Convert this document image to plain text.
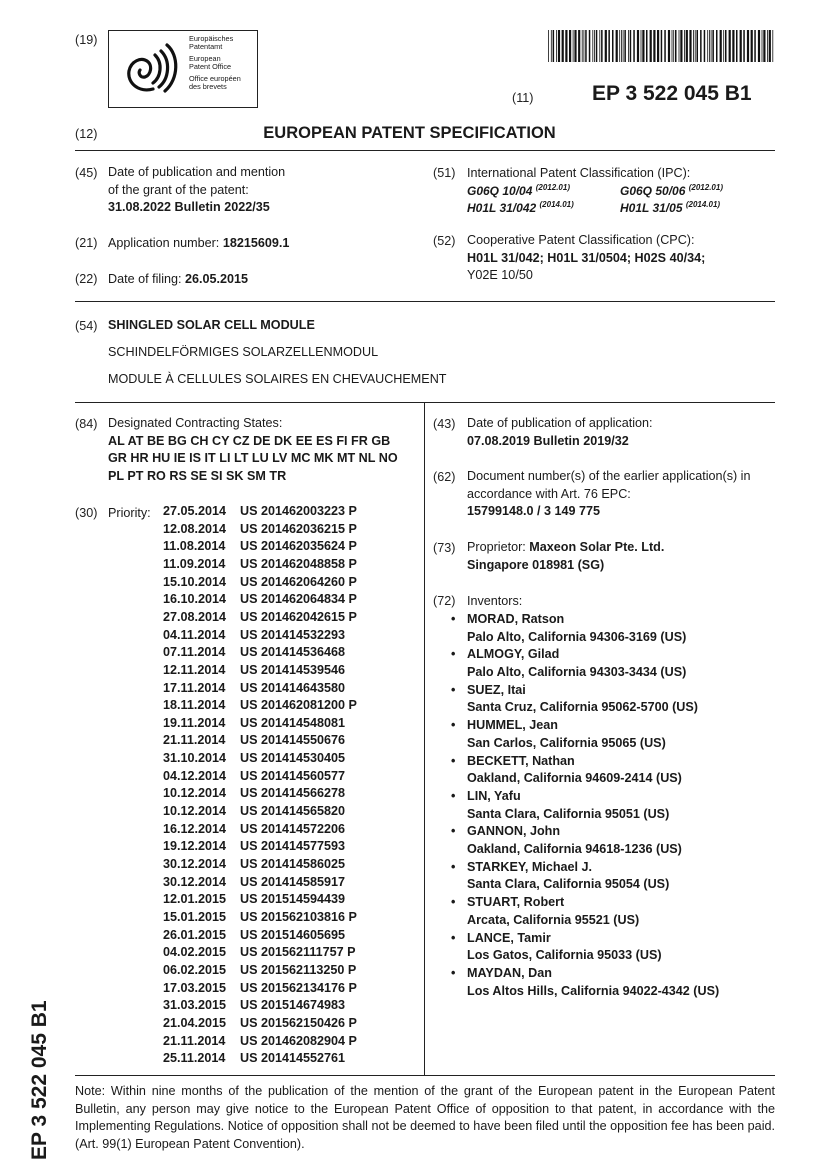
(19)	Europäisches
Patentamt
European
Patent Office
Office européen
des brevets
(11)	EP 3 522 045 B1
(12)	EUROPEAN PATENT SPECIFICATION
(45) Date of publication and mention
of the grant of the patent:
31.08.2022 Bulletin 2022/35
(21) Application number: 18215609.1
(22) Date of filing: 26.05.2015
(51) International Patent Classification (IPC):
G06Q 10/04 $^{(2012.01)}$	G06Q 50/06 $^{(2012.01)}$
H01L 31/042 $^{(2014.01)}$	H01L 31/05 $^{(2014.01)}$
(52) Cooperative Patent Classification (CPC):
H01L 31/042; H01L 31/0504; H02S 40/34;
Y02E 10/50
(54) SHINGLED SOLAR CELL MODULE
SCHINDELFÖRMIGES SOLARZELLENMODUL
MODULE À CELLULES SOLAIRES EN CHEVAUCHEMENT
(84) Designated Contracting States:
AL AT BE BG CH CY CZ DE DK EE ES FI FR GB
GR HR HU IE IS IT LI LT LU LV MC MK MT NL NO
PL PT RO RS SE SI SK SM TR
(30) Priority: 27.05.2014 US 201462003223 P
12.08.2014 US 201462036215 P
11.08.2014 US 201462035624 P
11.09.2014 US 201462048858 P
15.10.2014 US 201462064260 P
16.10.2014 US 201462064834 P
27.08.2014 US 201462042615 P
04.11.2014 US 201414532293
07.11.2014 US 201414536468
12.11.2014 US 201414539546
17.11.2014 US 201414643580
18.11.2014 US 201462081200 P
19.11.2014 US 201414548081
21.11.2014 US 201414550676
31.10.2014 US 201414530405
04.12.2014 US 201414560577
10.12.2014 US 201414566278
10.12.2014 US 201414565820
16.12.2014 US 201414572206
19.12.2014 US 201414577593
30.12.2014 US 201414586025
30.12.2014 US 201414585917
12.01.2015 US 201514594439
15.01.2015 US 201562103816 P
26.01.2015 US 201514605695
04.02.2015 US 201562111757 P
06.02.2015 US 201562113250 P
17.03.2015 US 201562134176 P
31.03.2015 US 201514674983
21.04.2015 US 201562150426 P
21.11.2014 US 201462082904 P
25.11.2014 US 201414552761
(43) Date of publication of application:
07.08.2019 Bulletin 2019/32
(62) Document number(s) of the earlier application(s) in
accordance with Art. 76 EPC:
15799148.0 / 3 149 775
(73) Proprietor: Maxeon Solar Pte. Ltd.
Singapore 018981 (SG)
(72) Inventors:
• MORAD, Ratson
Palo Alto, California 94306-3169 (US)
• ALMOGY, Gilad
Palo Alto, California 94303-3434 (US)
• SUEZ, Itai
Santa Cruz, California 95062-5700 (US)
• HUMMEL, Jean
San Carlos, California 95065 (US)
• BECKETT, Nathan
Oakland, California 94609-2414 (US)
• LIN, Yafu
Santa Clara, California 95051 (US)
• GANNON, John
Oakland, California 94618-1236 (US)
• STARKEY, Michael J.
Santa Clara, California 95054 (US)
• STUART, Robert
Arcata, California 95521 (US)
• LANCE, Tamir
Los Gatos, California 95033 (US)
• MAYDAN, Dan
Los Altos Hills, California 94022-4342 (US)
Note: Within nine months of the publication of the mention of the grant of the European patent in the European Patent Bulletin, any person may give notice to the European Patent Office of opposition to that patent, in accordance with the Implementing Regulations. Notice of opposition shall not be deemed to have been filed until the opposition fee has been paid. (Art. 99(1) European Patent Convention).
EP 3 522 045 B1
